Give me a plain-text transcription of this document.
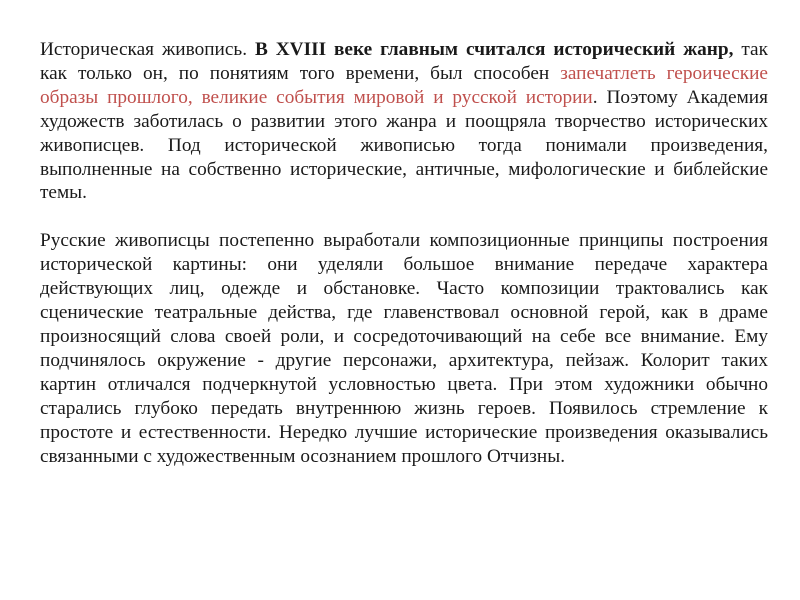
Историческая живопись. В XVIII веке главным считался исторический жанр, так как только он, по понятиям того времени, был способен запечатлеть героические образы прошлого, великие события мировой и русской истории. Поэтому Академия художеств заботилась о развитии этого жанра и поощряла творчество исторических живописцев. Под исторической живописью тогда понимали произведения, выполненные на собственно исторические, античные, мифологические и библейские темы.

Русские живописцы постепенно выработали композиционные принципы построения исторической картины: они уделяли большое внимание передаче характера действующих лиц, одежде и обстановке. Часто композиции трактовались как сценические театральные действа, где главенствовал основной герой, как в драме произносящий слова своей роли, и сосредоточивающий на себе все внимание. Ему подчинялось окружение - другие персонажи, архитектура, пейзаж. Колорит таких картин отличался подчеркнутой условностью цвета. При этом художники обычно старались глубоко передать внутреннюю жизнь героев. Появилось стремление к простоте и естественности. Нередко лучшие исторические произведения оказывались связанными с художественным осознанием прошлого Отчизны.
